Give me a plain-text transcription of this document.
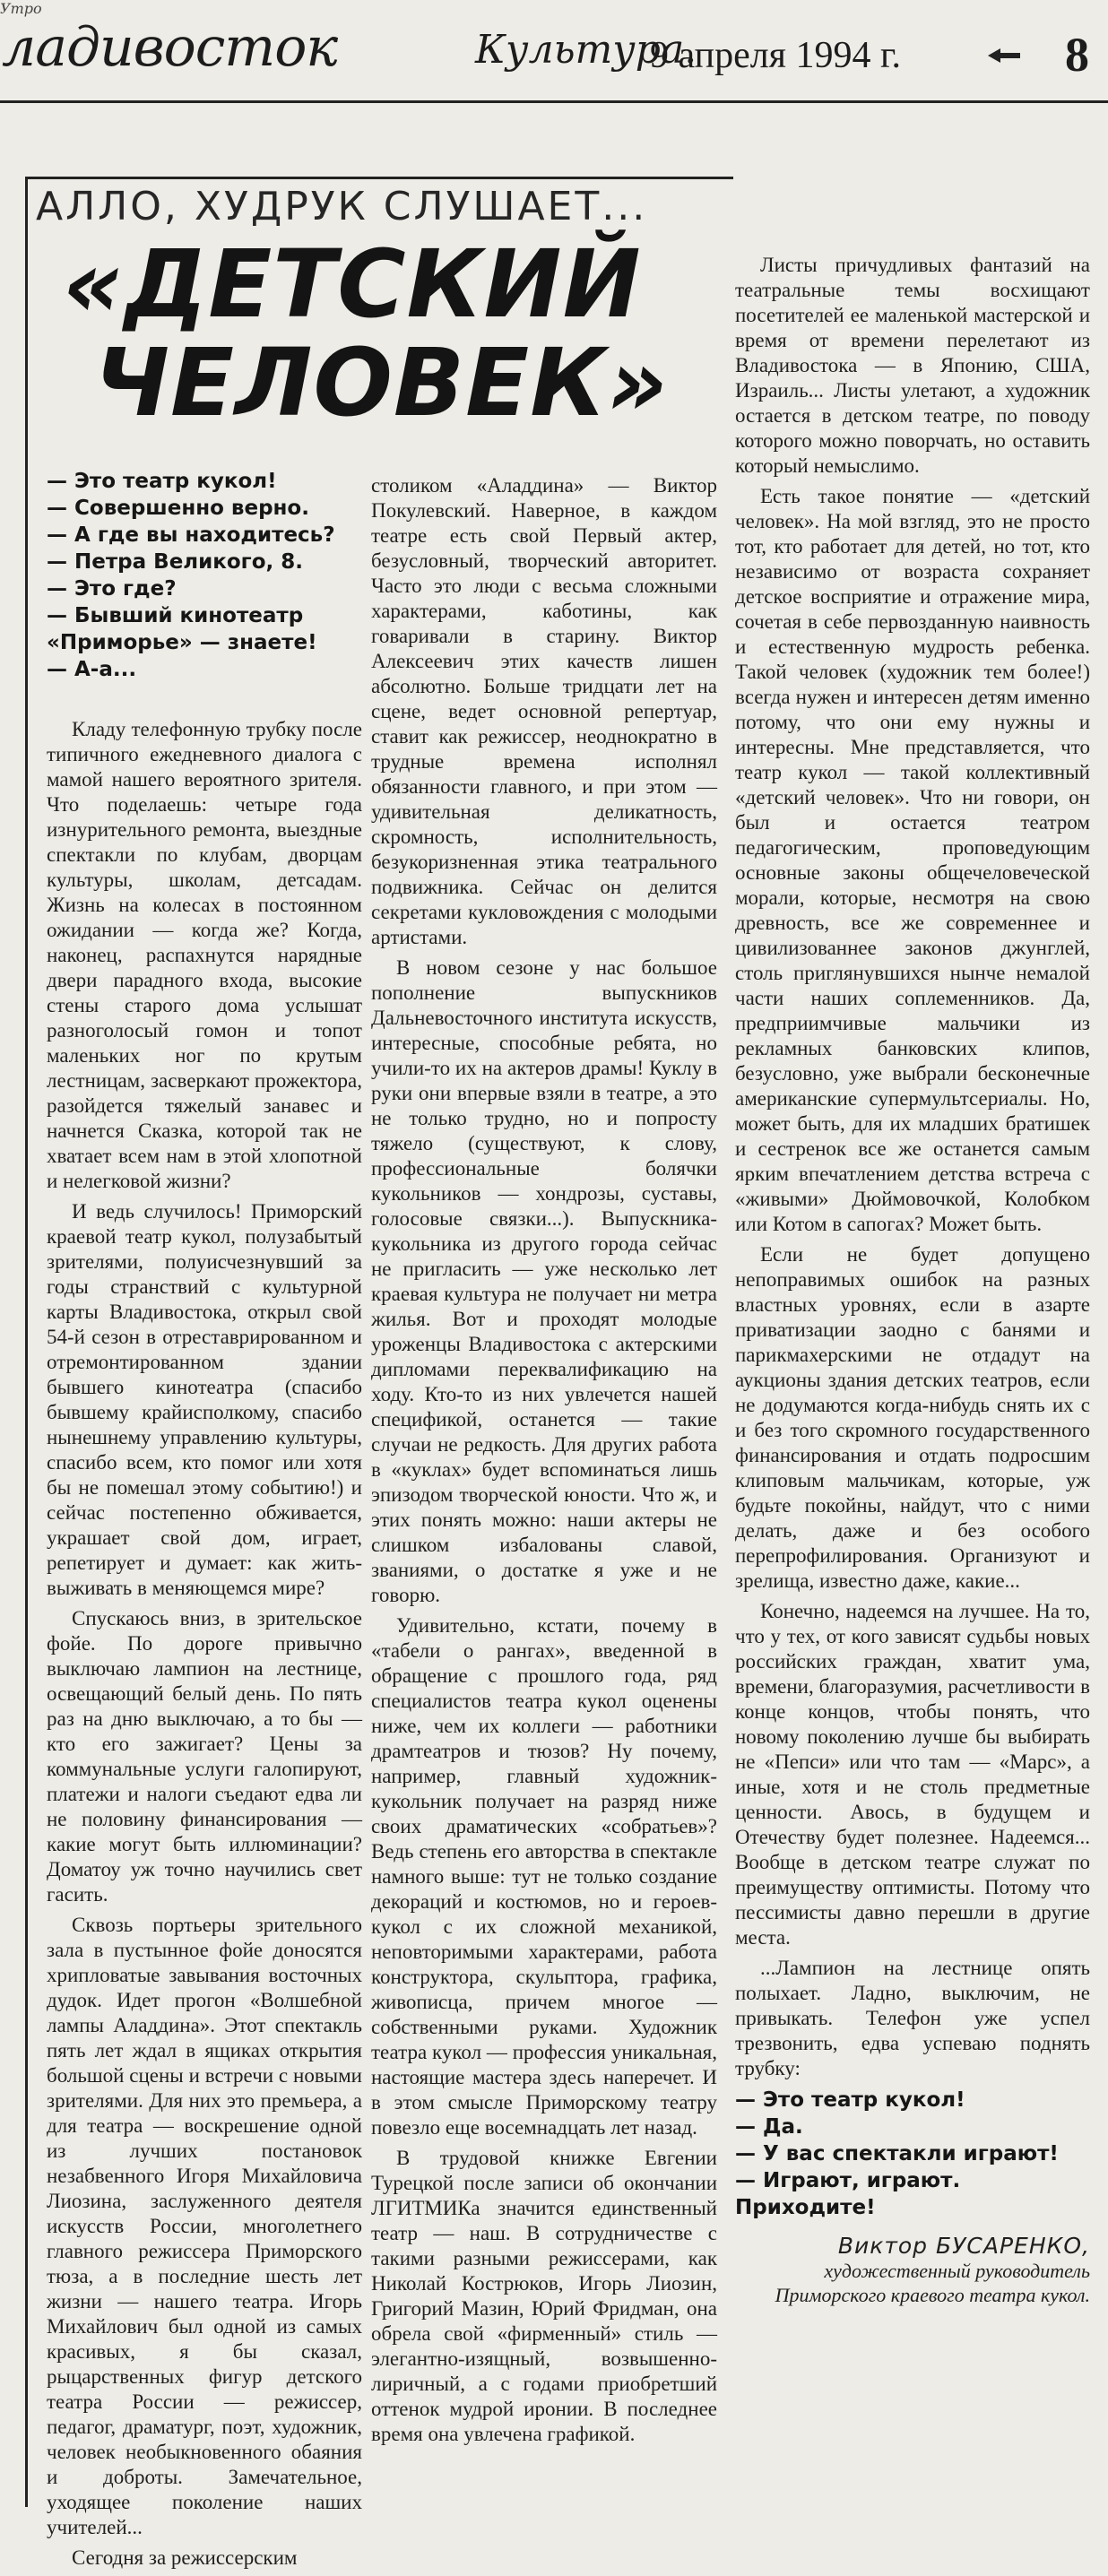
Утро
ладивосток	Культура.
9 апреля 1994 г.	8
АЛЛО, ХУДРУК СЛУШАЕТ...
«ДЕТСКИЙ
ЧЕЛОВЕК»
— Это театр кукол!
— Совершенно верно.
— А где вы находитесь?
— Петра Великого, 8.
— Это где?
— Бывший кинотеатр «Приморье» — знаете!
— А-а...

Кладу телефонную трубку после типичного ежедневного диалога с мамой нашего вероятного зрителя. Что поделаешь: четыре года изнурительного ремонта, выездные спектакли по клубам, дворцам культуры, школам, детсадам. Жизнь на колесах в постоянном ожидании — когда же? Когда, наконец, распахнутся нарядные двери парадного входа, высокие стены старого дома услышат разноголосый гомон и топот маленьких ног по крутым лестницам, засверкают прожектора, разойдется тяжелый занавес и начнется Сказка, которой так не хватает всем нам в этой хлопотной и нелегковой жизни?

И ведь случилось! Приморский краевой театр кукол, полузабытый зрителями, полуисчезнувший за годы странствий с культурной карты Владивостока, открыл свой 54-й сезон в отреставрированном и отремонтированном здании бывшего кинотеатра (спасибо бывшему крайисполкому, спасибо нынешнему управлению культуры, спасибо всем, кто помог или хотя бы не помешал этому событию!) и сейчас постепенно обживается, украшает свой дом, играет, репетирует и думает: как жить-выживать в меняющемся мире?

Спускаюсь вниз, в зрительское фойе. По дороге привычно выключаю лампион на лестнице, освещающий белый день. По пять раз на дню выключаю, а то бы — кто его зажигает? Цены за коммунальные услуги галопируют, платежи и налоги съедают едва ли не половину финансирования — какие могут быть иллюминации? Доматоу уж точно научились свет гасить.

Сквозь портьеры зрительного зала в пустынное фойе доносятся хрипловатые завывания восточных дудок. Идет прогон «Волшебной лампы Аладдина». Этот спектакль пять лет ждал в ящиках открытия большой сцены и встречи с новыми зрителями. Для них это премьера, а для театра — воскрешение одной из лучших постановок незабвенного Игоря Михайловича Лиозина, заслуженного деятеля искусств России, многолетнего главного режиссера Приморского тюза, а в последние шесть лет жизни — нашего театра. Игорь Михайлович был одной из самых красивых, я бы сказал, рыцарственных фигур детского театра России — режиссер, педагог, драматург, поэт, художник, человек необыкновенного обаяния и доброты. Замечательное, уходящее поколение наших учителей...

Сегодня за режиссерским

столиком «Аладдина» — Виктор Покулевский. Наверное, в каждом театре есть свой Первый актер, безусловный, творческий авторитет. Часто это люди с весьма сложными характерами, каботины, как говаривали в старину. Виктор Алексеевич этих качеств лишен абсолютно. Больше тридцати лет на сцене, ведет основной репертуар, ставит как режиссер, неоднократно в трудные времена исполнял обязанности главного, и при этом — удивительная деликатность, скромность, исполнительность, безукоризненная этика театрального подвижника. Сейчас он делится секретами кукловождения с молодыми артистами.

В новом сезоне у нас большое пополнение выпускников Дальневосточного института искусств, интересные, способные ребята, но учили-то их на актеров драмы! Куклу в руки они впервые взяли в театре, а это не только трудно, но и попросту тяжело (существуют, к слову, профессиональные болячки кукольников — хондрозы, суставы, голосовые связки...). Выпускника-кукольника из другого города сейчас не пригласить — уже несколько лет краевая культура не получает ни метра жилья. Вот и проходят молодые уроженцы Владивостока с актерскими дипломами переквалификацию на ходу. Кто-то из них увлечется нашей спецификой, останется — такие случаи не редкость. Для других работа в «куклах» будет вспоминаться лишь эпизодом творческой юности. Что ж, и этих понять можно: наши актеры не слишком избалованы славой, званиями, о достатке я уже и не говорю.

Удивительно, кстати, почему в «табели о рангах», введенной в обращение с прошлого года, ряд специалистов театра кукол оценены ниже, чем их коллеги — работники драмтеатров и тюзов? Ну почему, например, главный художник-кукольник получает на разряд ниже своих драматических «собратьев»? Ведь степень его авторства в спектакле намного выше: тут не только создание декораций и костюмов, но и героев-кукол с их сложной механикой, неповторимыми характерами, работа конструктора, скульптора, графика, живописца, причем многое — собственными руками. Художник театра кукол — профессия уникальная, настоящие мастера здесь наперечет. И в этом смысле Приморскому театру повезло еще восемнадцать лет назад.

В трудовой книжке Евгении Турецкой после записи об окончании ЛГИТМИКа значится единственный театр — наш. В сотрудничестве с такими разными режиссерами, как Николай Кострюков, Игорь Лиозин, Григорий Мазин, Юрий Фридман, она обрела свой «фирменный» стиль — элегантно-изящный, возвышенно-лиричный, а с годами приобретший оттенок мудрой иронии. В последнее время она увлечена графикой.

Листы причудливых фантазий на театральные темы восхищают посетителей ее маленькой мастерской и время от времени перелетают из Владивостока — в Японию, США, Израиль... Листы улетают, а художник остается в детском театре, по поводу которого можно поворчать, но оставить который немыслимо.

Есть такое понятие — «детский человек». На мой взгляд, это не просто тот, кто работает для детей, но тот, кто независимо от возраста сохраняет детское восприятие и отражение мира, сочетая в себе первозданную наивность и естественную мудрость ребенка. Такой человек (художник тем более!) всегда нужен и интересен детям именно потому, что они ему нужны и интересны. Мне представляется, что театр кукол — такой коллективный «детский человек». Что ни говори, он был и остается театром педагогическим, проповедующим основные законы общечеловеческой морали, которые, несмотря на свою древность, все же современнее и цивилизованнее законов джунглей, столь приглянувшихся нынче немалой части наших соплеменников. Да, предприимчивые мальчики из рекламных банковских клипов, безусловно, уже выбрали бесконечные американские супермультсериалы. Но, может быть, для их младших братишек и сестренок все же останется самым ярким впечатлением детства встреча с «живыми» Дюймовочкой, Колобком или Котом в сапогах? Может быть.

Если не будет допущено непоправимых ошибок на разных властных уровнях, если в азарте приватизации заодно с банями и парикмахерскими не отдадут на аукционы здания детских театров, если не додумаются когда-нибудь снять их с и без того скромного государственного финансирования и отдать подросшим клиповым мальчикам, которые, уж будьте покойны, найдут, что с ними делать, даже и без особого перепрофилирования. Организуют и зрелища, известно даже, какие...

Конечно, надеемся на лучшее. На то, что у тех, от кого зависят судьбы новых российских граждан, хватит ума, времени, благоразумия, расчетливости в конце концов, чтобы понять, что новому поколению лучше бы выбирать не «Пепси» или что там — «Марс», а иные, хотя и не столь предметные ценности. Авось, в будущем и Отечеству будет полезнее. Надеемся... Вообще в детском театре служат по преимуществу оптимисты. Потому что пессимисты давно перешли в другие места.

...Лампион на лестнице опять полыхает. Ладно, выключим, не привыкать. Телефон уже успел трезвонить, едва успеваю поднять трубку:

— Это театр кукол!
— Да.
— У вас спектакли играют!
— Играют, играют. Приходите!
Виктор БУСАРЕНКО,
художественный руководитель Приморского краевого театра кукол.
